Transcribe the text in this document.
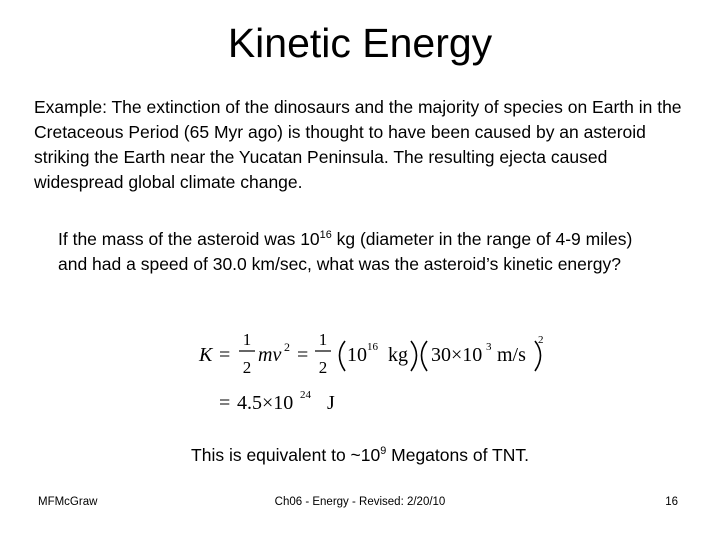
Kinetic Energy
Example: The extinction of the dinosaurs and the majority of species on Earth in the Cretaceous Period (65 Myr ago) is thought to have been caused by an asteroid striking the Earth near the Yucatan Peninsula. The resulting ejecta caused widespread global climate change.
If the mass of the asteroid was $10^{16}$ kg (diameter in the range of 4-9 miles) and had a speed of 30.0 km/sec, what was the asteroid’s kinetic energy?
K =
1
2
mv 2 =
1
2
10 16 kg 30×10 3 m/s
2
= 4.5×10 24 J
This is equivalent to $\sim 10^9$ Megatons of TNT.
MFMcGraw	Ch06 - Energy - Revised: 2/20/10	16
